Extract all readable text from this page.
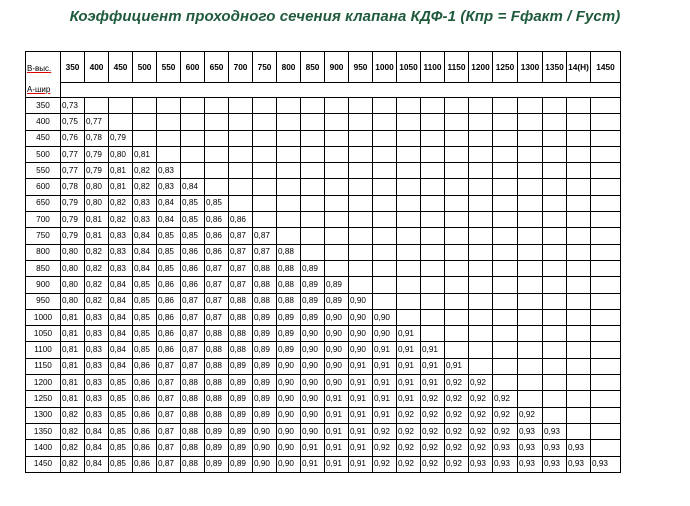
Коэффициент проходного сечения клапана КДФ-1 (Кпр = Fфакт / Fуст)
В-выс.
А-шир	350	400	450	500	550	600	650	700	750	800	850	900	950	1000	1050	1100	1150	1200	1250	1300	1350	14(Н)	1450

350	0,73																						
400	0,75	0,77																					
450	0,76	0,78	0,79																				
500	0,77	0,79	0,80	0,81																			
550	0,77	0,79	0,81	0,82	0,83																		
600	0,78	0,80	0,81	0,82	0,83	0,84																	
650	0,79	0,80	0,82	0,83	0,84	0,85	0,85																
700	0,79	0,81	0,82	0,83	0,84	0,85	0,86	0,86															
750	0,79	0,81	0,83	0,84	0,85	0,85	0,86	0,87	0,87														
800	0,80	0,82	0,83	0,84	0,85	0,86	0,86	0,87	0,87	0,88													
850	0,80	0,82	0,83	0,84	0,85	0,86	0,87	0,87	0,88	0,88	0,89												
900	0,80	0,82	0,84	0,85	0,86	0,86	0,87	0,87	0,88	0,88	0,89	0,89											
950	0,80	0,82	0,84	0,85	0,86	0,87	0,87	0,88	0,88	0,88	0,89	0,89	0,90										
1000	0,81	0,83	0,84	0,85	0,86	0,87	0,87	0,88	0,89	0,89	0,89	0,90	0,90	0,90									
1050	0,81	0,83	0,84	0,85	0,86	0,87	0,88	0,88	0,89	0,89	0,90	0,90	0,90	0,90	0,91								
1100	0,81	0,83	0,84	0,85	0,86	0,87	0,88	0,88	0,89	0,89	0,90	0,90	0,90	0,91	0,91	0,91							
1150	0,81	0,83	0,84	0,86	0,87	0,87	0,88	0,89	0,89	0,90	0,90	0,90	0,91	0,91	0,91	0,91	0,91						
1200	0,81	0,83	0,85	0,86	0,87	0,88	0,88	0,89	0,89	0,90	0,90	0,90	0,91	0,91	0,91	0,91	0,92	0,92					
1250	0,81	0,83	0,85	0,86	0,87	0,88	0,88	0,89	0,89	0,90	0,90	0,91	0,91	0,91	0,91	0,92	0,92	0,92	0,92				
1300	0,82	0,83	0,85	0,86	0,87	0,88	0,88	0,89	0,89	0,90	0,90	0,91	0,91	0,91	0,92	0,92	0,92	0,92	0,92	0,92			
1350	0,82	0,84	0,85	0,86	0,87	0,88	0,89	0,89	0,90	0,90	0,90	0,91	0,91	0,92	0,92	0,92	0,92	0,92	0,92	0,93	0,93		
1400	0,82	0,84	0,85	0,86	0,87	0,88	0,89	0,89	0,90	0,90	0,91	0,91	0,91	0,92	0,92	0,92	0,92	0,92	0,93	0,93	0,93	0,93	
1450	0,82	0,84	0,85	0,86	0,87	0,88	0,89	0,89	0,90	0,90	0,91	0,91	0,91	0,92	0,92	0,92	0,92	0,93	0,93	0,93	0,93	0,93	0,93
